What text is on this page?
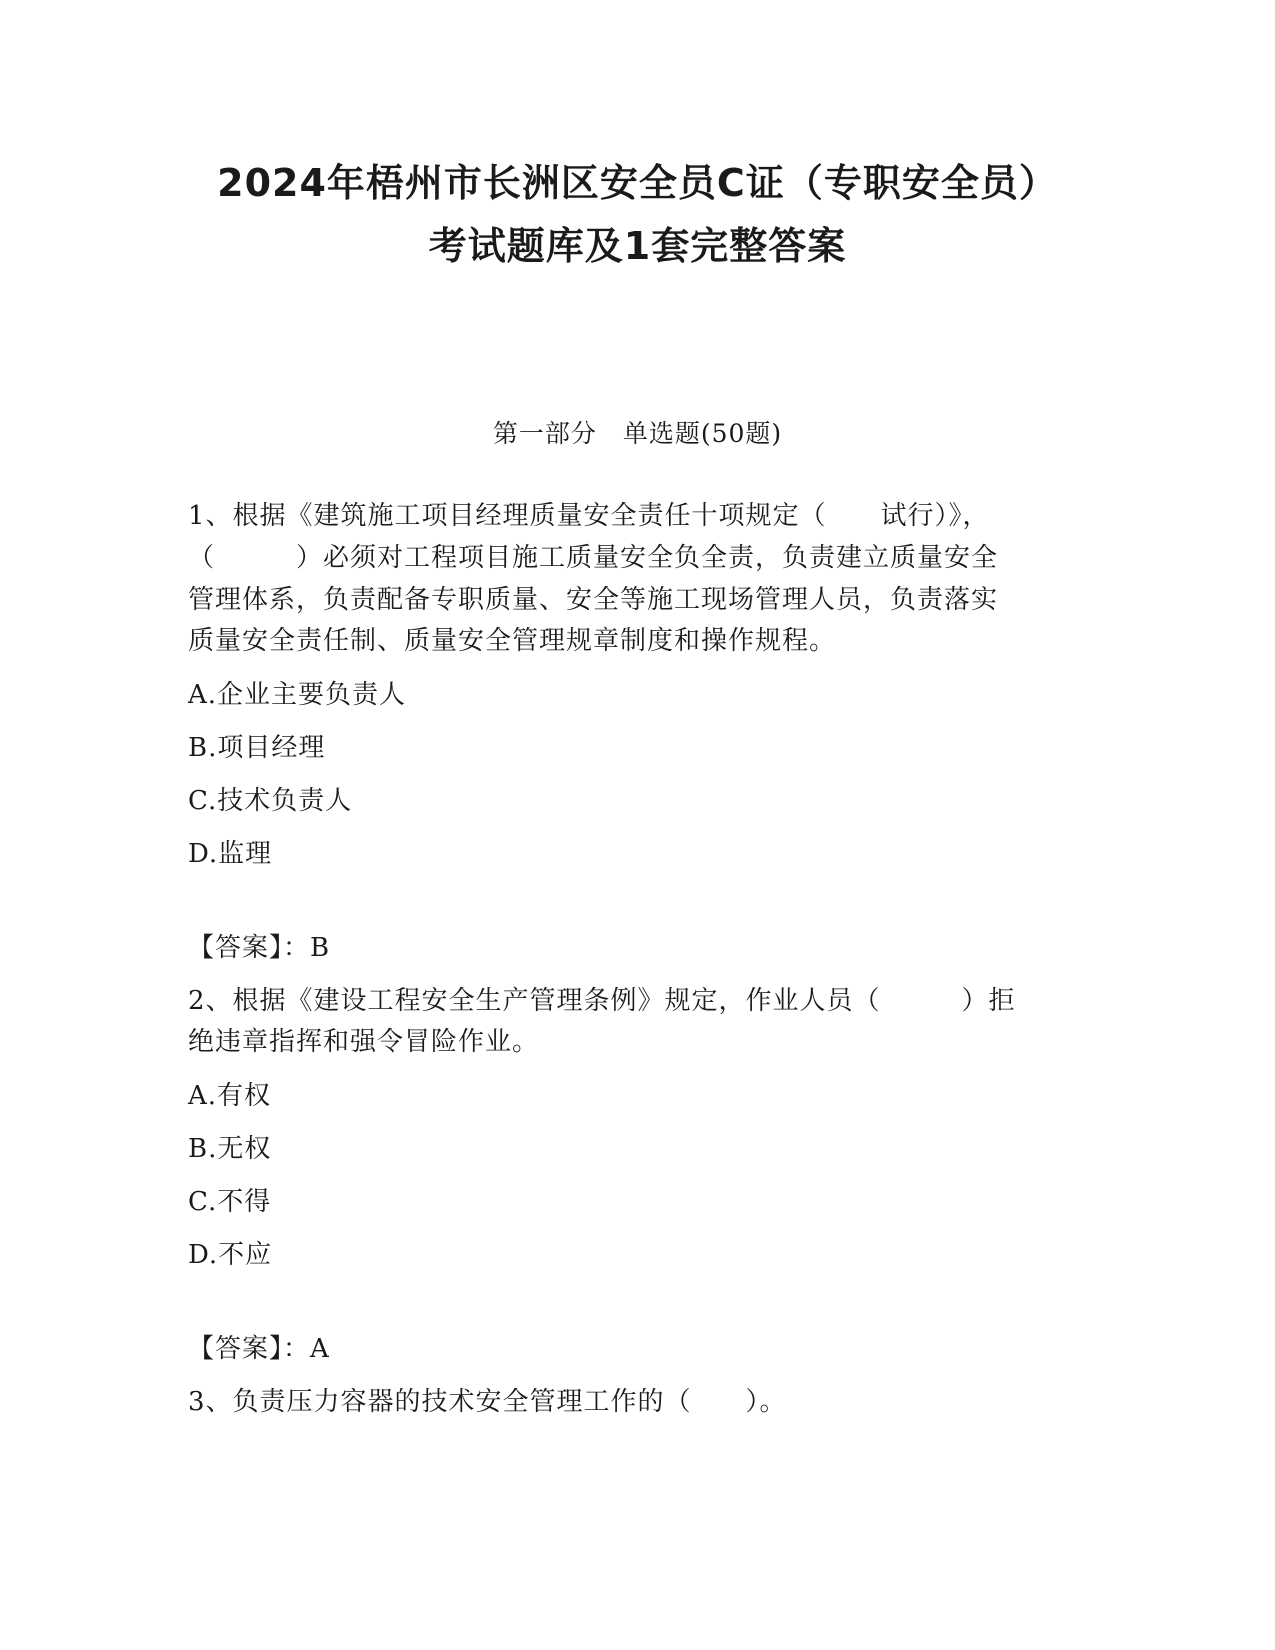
2024年梧州市长洲区安全员C证（专职安全员）
考试题库及1套完整答案
第一部分　单选题(50题)
1、根据《建筑施工项目经理质量安全责任十项规定（　　试行）》，
（　　　）必须对工程项目施工质量安全负全责，负责建立质量安全
管理体系，负责配备专职质量、安全等施工现场管理人员，负责落实
质量安全责任制、质量安全管理规章制度和操作规程。
A.企业主要负责人
B.项目经理
C.技术负责人
D.监理
【答案】：B
2、根据《建设工程安全生产管理条例》规定，作业人员（　　　）拒
绝违章指挥和强令冒险作业。
A.有权
B.无权
C.不得
D.不应
【答案】：A
3、负责压力容器的技术安全管理工作的（　　）。
